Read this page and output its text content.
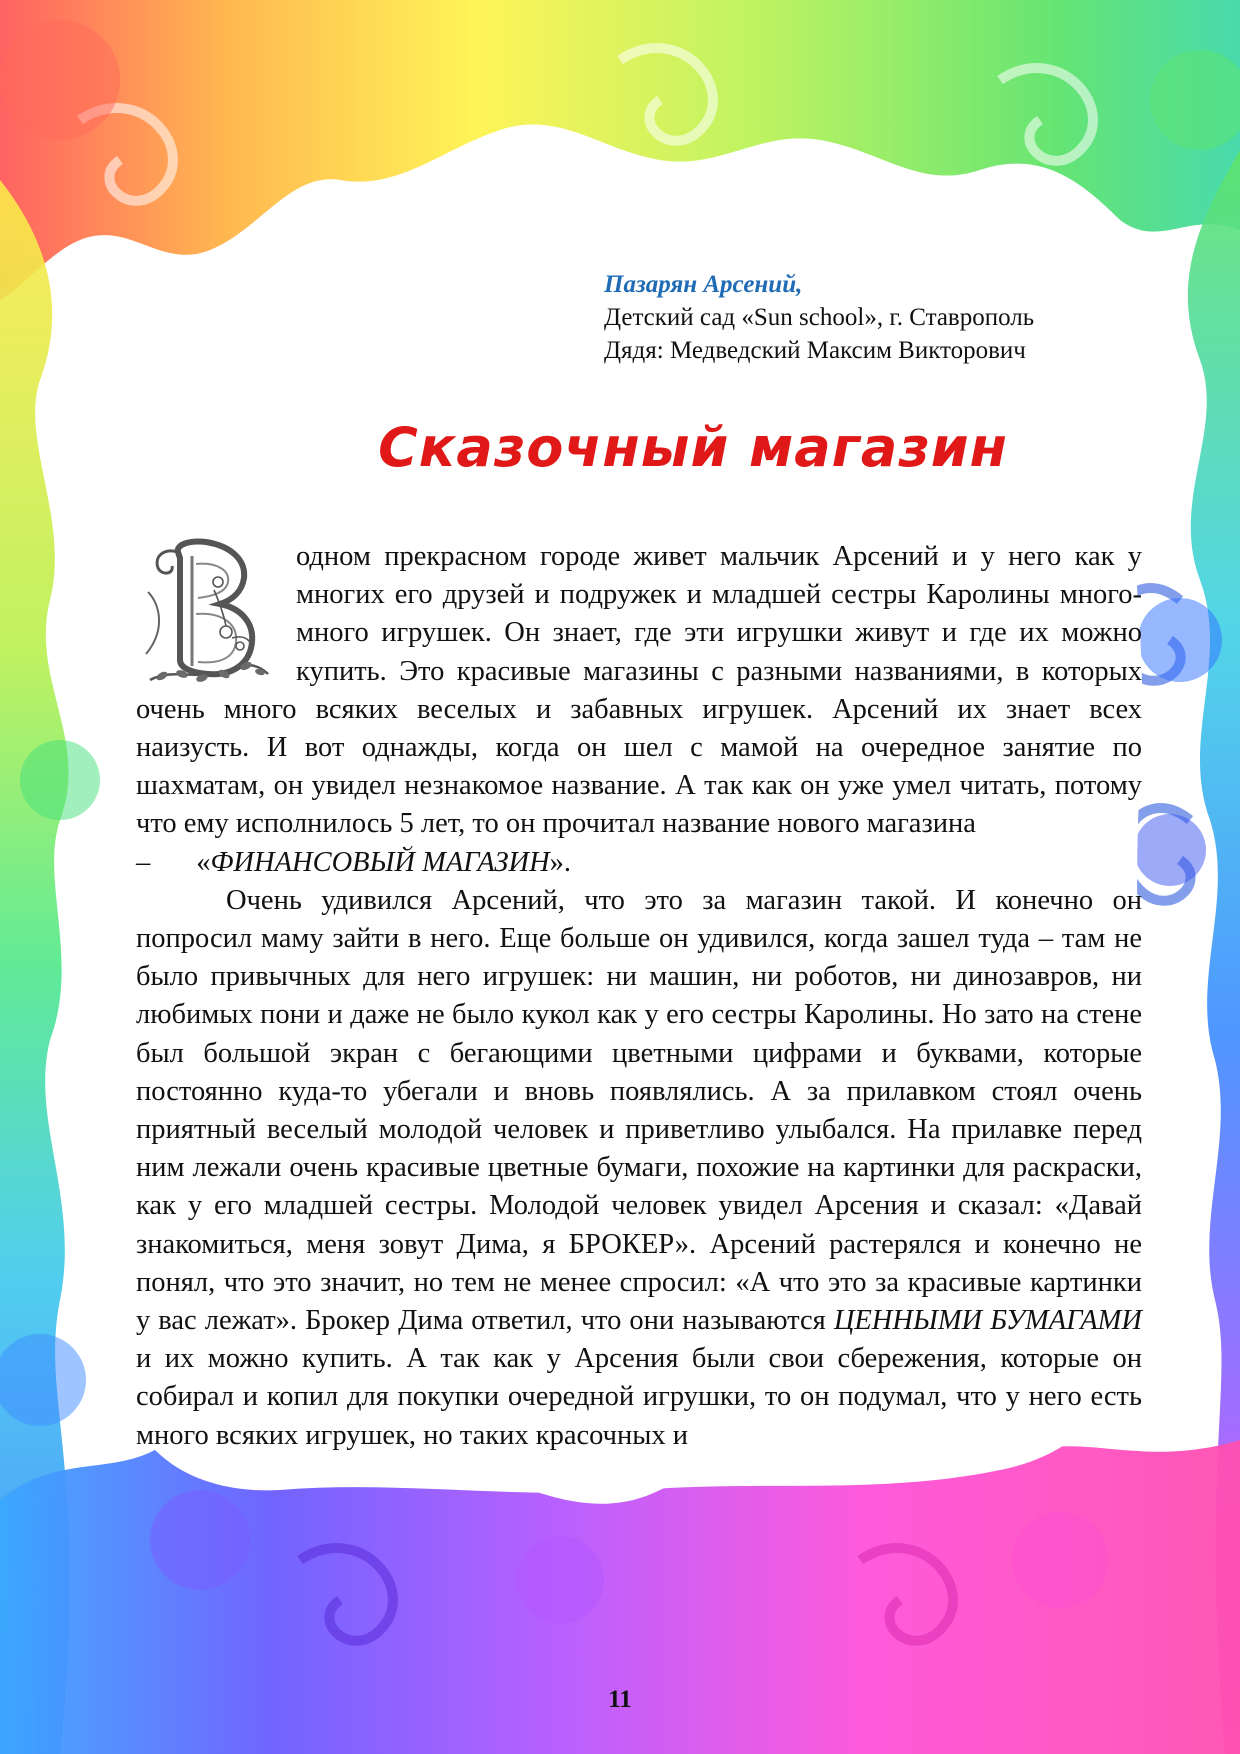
Пазарян Арсений,
Детский сад «Sun school», г. Ставрополь
Дядя: Медведский Максим Викторович
Сказочный магазин

одном прекрасном городе живет мальчик Арсений и у него как у многих его друзей и подружек и младшей сестры Каролины много-много игрушек. Он знает, где эти игрушки живут и где их можно купить. Это красивые магазины с разными названиями, в которых очень много всяких веселых и забавных игрушек. Арсений их знает всех наизусть. И вот однажды, когда он шел с мамой на очередное занятие по шахматам, он увидел незнакомое название. А так как он уже умел читать, потому что ему исполнилось 5 лет, то он прочитал название нового магазина
– «ФИНАНСОВЫЙ МАГАЗИН».

Очень удивился Арсений, что это за магазин такой. И конечно он попросил маму зайти в него. Еще больше он удивился, когда зашел туда – там не было привычных для него игрушек: ни машин, ни роботов, ни динозавров, ни любимых пони и даже не было кукол как у его сестры Каролины. Но зато на стене был большой экран с бегающими цветными цифрами и буквами, которые постоянно куда-то убегали и вновь появлялись. А за прилавком стоял очень приятный веселый молодой человек и приветливо улыбался. На прилавке перед ним лежали очень красивые цветные бумаги, похожие на картинки для раскраски, как у его младшей сестры. Молодой человек увидел Арсения и сказал: «Давай знакомиться, меня зовут Дима, я БРОКЕР». Арсений растерялся и конечно не понял, что это значит, но тем не менее спросил: «А что это за красивые картинки у вас лежат». Брокер Дима ответил, что они называются ЦЕННЫМИ БУМАГАМИ и их можно купить. А так как у Арсения были свои сбережения, которые он собирал и копил для покупки очередной игрушки, то он подумал, что у него есть много всяких игрушек, но таких красочных и

11
